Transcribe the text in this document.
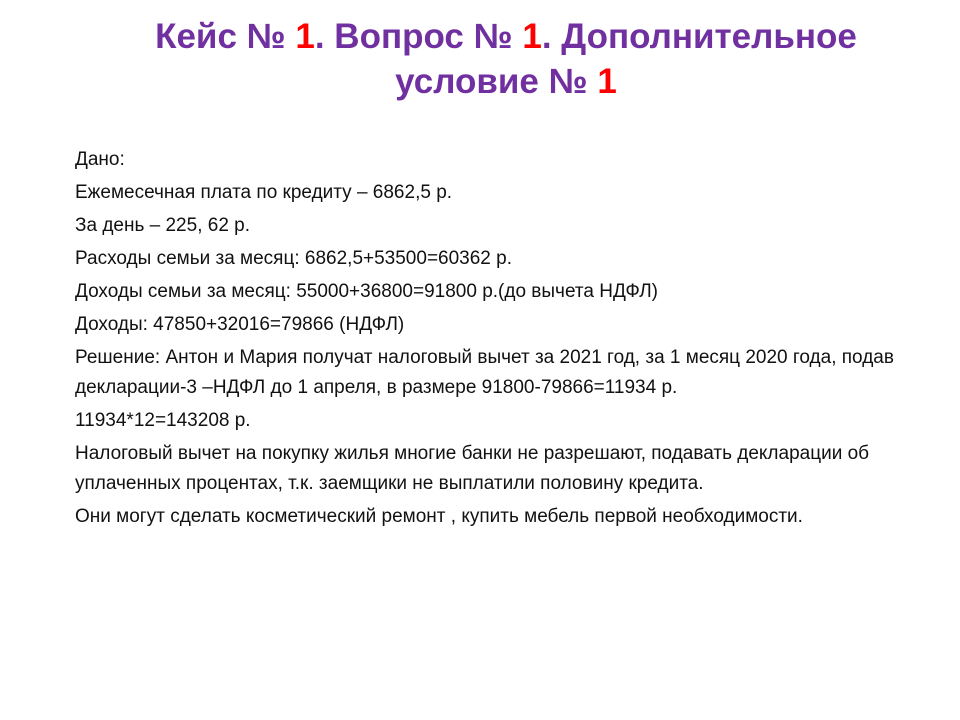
Кейс № 1. Вопрос № 1. Дополнительное
условие № 1

Дано:

Ежемесечная плата по кредиту – 6862,5 р.

За день – 225, 62 р.

Расходы семьи за месяц: 6862,5+53500=60362 р.

Доходы семьи за месяц: 55000+36800=91800 р.(до вычета НДФЛ)

Доходы: 47850+32016=79866 (НДФЛ)

Решение: Антон и Мария получат налоговый вычет за 2021 год, за 1 месяц 2020 года, подав декларации-3 –НДФЛ до 1 апреля, в размере 91800-79866=11934 р.

11934*12=143208 р.

Налоговый вычет на покупку жилья многие банки не разрешают, подавать декларации об уплаченных процентах, т.к. заемщики не выплатили половину кредита.

Они могут сделать косметический ремонт , купить мебель первой необходимости.
